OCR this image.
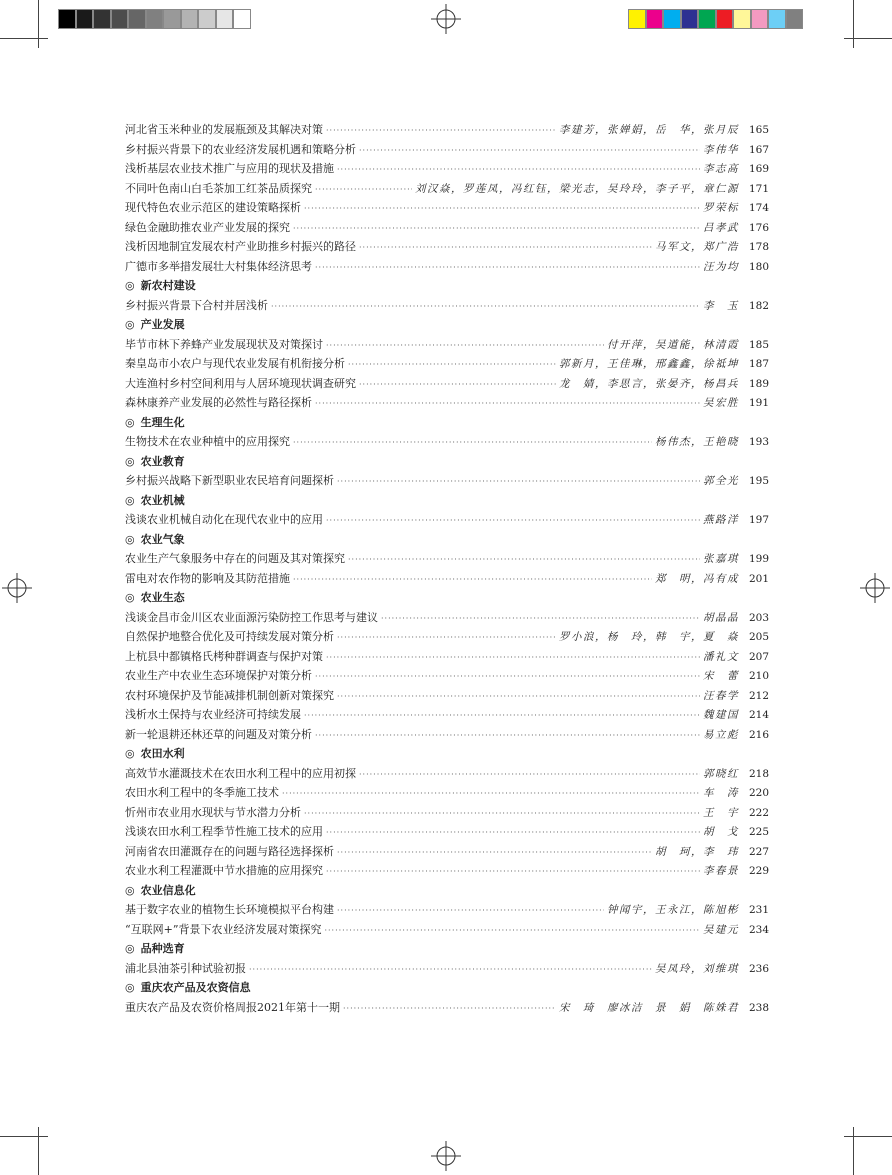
河北省玉米种业的发展瓶颈及其解决对策 ·····	李建芳，张婵娟，岳　华，张月辰 165
乡村振兴背景下的农业经济发展机遇和策略分析 ·····	李伟华 167
浅析基层农业技术推广与应用的现状及措施 ·····	李志高 169
不同叶色南山白毛茶加工红茶品质探究 ·····	刘汉焱，罗莲凤，冯红钰，梁光志，吴玲玲，李子平，章仁源 171
现代特色农业示范区的建设策略探析 ·····	罗荣标 174
绿色金融助推农业产业发展的探究 ·····	吕孝武 176
浅析因地制宜发展农村产业助推乡村振兴的路径 ·····	马军文，郑广浩 178
广德市多举措发展壮大村集体经济思考 ·····	汪为均 180
◎ 新农村建设
乡村振兴背景下合村并居浅析 ·····	李　玉 182
◎ 产业发展
毕节市林下养蜂产业发展现状及对策探讨 ·····	付开萍，吴道能，林清霞 185
秦皇岛市小农户与现代农业发展有机衔接分析 ·····	郭新月，王佳琳，邢鑫鑫，徐祗坤 187
大连渔村乡村空间利用与人居环境现状调查研究 ·····	龙　婧，李思言，张晏齐，杨昌兵 189
森林康养产业发展的必然性与路径探析 ·····	吴宏胜 191
◎ 生理生化
生物技术在农业种植中的应用探究 ·····	杨伟杰，王艳晓 193
◎ 农业教育
乡村振兴战略下新型职业农民培育问题探析 ·····	郭全光 195
◎ 农业机械
浅谈农业机械自动化在现代农业中的应用 ·····	燕路洋 197
◎ 农业气象
农业生产气象服务中存在的问题及其对策探究 ·····	张嘉琪 199
雷电对农作物的影响及其防范措施 ·····	郑　明，冯有成 201
◎ 农业生态
浅谈金昌市金川区农业面源污染防控工作思考与建议 ·····	胡晶晶 203
自然保护地整合优化及可持续发展对策分析 ·····	罗小浪，杨　玲，韩　宇，夏　焱 205
上杭县中都镇格氏栲种群调查与保护对策 ·····	潘礼文 207
农业生产中农业生态环境保护对策分析 ·····	宋　蕾 210
农村环境保护及节能减排机制创新对策探究 ·····	汪春学 212
浅析水土保持与农业经济可持续发展 ·····	魏建国 214
新一轮退耕还林还草的问题及对策分析 ·····	易立彪 216
◎ 农田水利
高效节水灌溉技术在农田水利工程中的应用初探 ·····	郭晓红 218
农田水利工程中的冬季施工技术 ·····	车　涛 220
忻州市农业用水现状与节水潜力分析 ·····	王　宇 222
浅谈农田水利工程季节性施工技术的应用 ·····	胡　戈 225
河南省农田灌溉存在的问题与路径选择探析 ·····	胡　珂，李　玮 227
农业水利工程灌溉中节水措施的应用探究 ·····	李春景 229
◎ 农业信息化
基于数字农业的植物生长环境模拟平台构建 ·····	钟闻宇，王永江，陈旭彬 231
“互联网+”背景下农业经济发展对策探究 ·····	吴建元 234
◎ 品种选育
浦北县油茶引种试验初报 ·····	吴凤玲，刘维琪 236
◎ 重庆农产品及农资信息
重庆农产品及农资价格周报2021年第十一期 ·····	宋　琦　廖冰洁　景　娟　陈姝君 238
